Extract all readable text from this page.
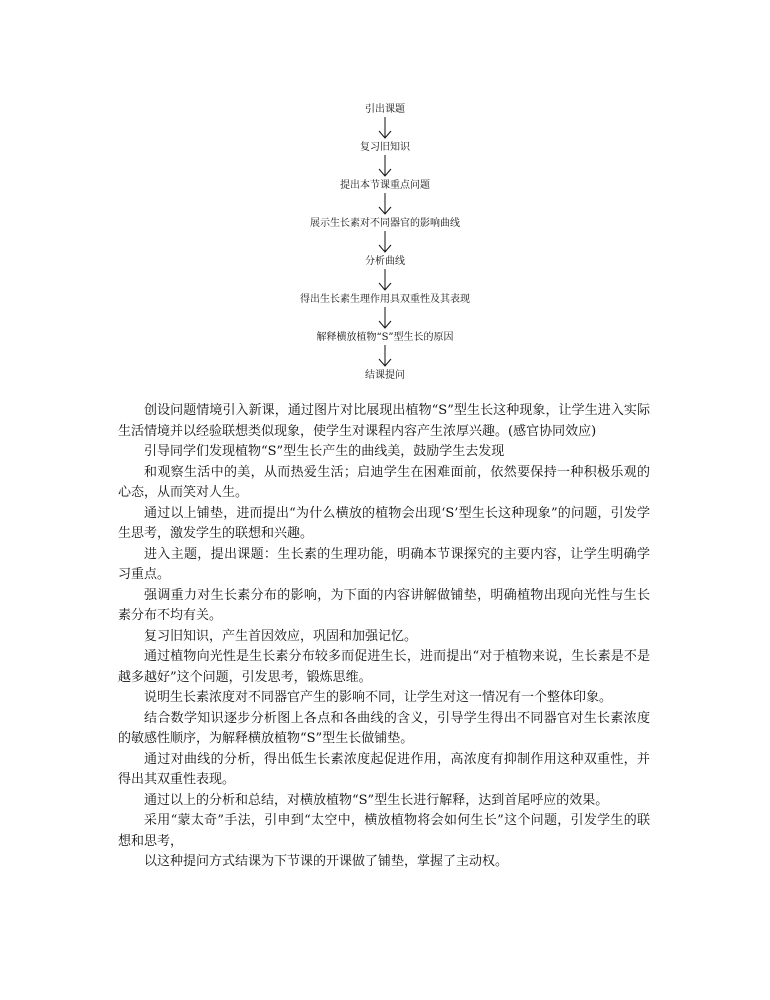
引出课题
复习旧知识
提出本节课重点问题
展示生长素对不同器官的影响曲线
分析曲线
得出生长素生理作用具双重性及其表现
解释横放植物“S”型生长的原因
结课提问

创设问题情境引入新课，通过图片对比展现出植物“S”型生长这种现象，让学生进入实际生活情境并以经验联想类似现象，使学生对课程内容产生浓厚兴趣。(感官协同效应)

引导同学们发现植物“S”型生长产生的曲线美，鼓励学生去发现

和观察生活中的美，从而热爱生活；启迪学生在困难面前，依然要保持一种积极乐观的心态，从而笑对人生。

通过以上铺垫，进而提出“为什么横放的植物会出现‘S’型生长这种现象”的问题，引发学生思考，激发学生的联想和兴趣。

进入主题，提出课题：生长素的生理功能，明确本节课探究的主要内容，让学生明确学习重点。

强调重力对生长素分布的影响，为下面的内容讲解做铺垫，明确植物出现向光性与生长素分布不均有关。

复习旧知识，产生首因效应，巩固和加强记忆。

通过植物向光性是生长素分布较多而促进生长，进而提出“对于植物来说，生长素是不是越多越好”这个问题，引发思考，锻炼思维。

说明生长素浓度对不同器官产生的影响不同，让学生对这一情况有一个整体印象。

结合数学知识逐步分析图上各点和各曲线的含义，引导学生得出不同器官对生长素浓度的敏感性顺序，为解释横放植物“S”型生长做铺垫。

通过对曲线的分析，得出低生长素浓度起促进作用，高浓度有抑制作用这种双重性，并得出其双重性表现。

通过以上的分析和总结，对横放植物“S”型生长进行解释，达到首尾呼应的效果。

采用“蒙太奇”手法，引申到“太空中，横放植物将会如何生长”这个问题，引发学生的联想和思考，

以这种提问方式结课为下节课的开课做了铺垫，掌握了主动权。
